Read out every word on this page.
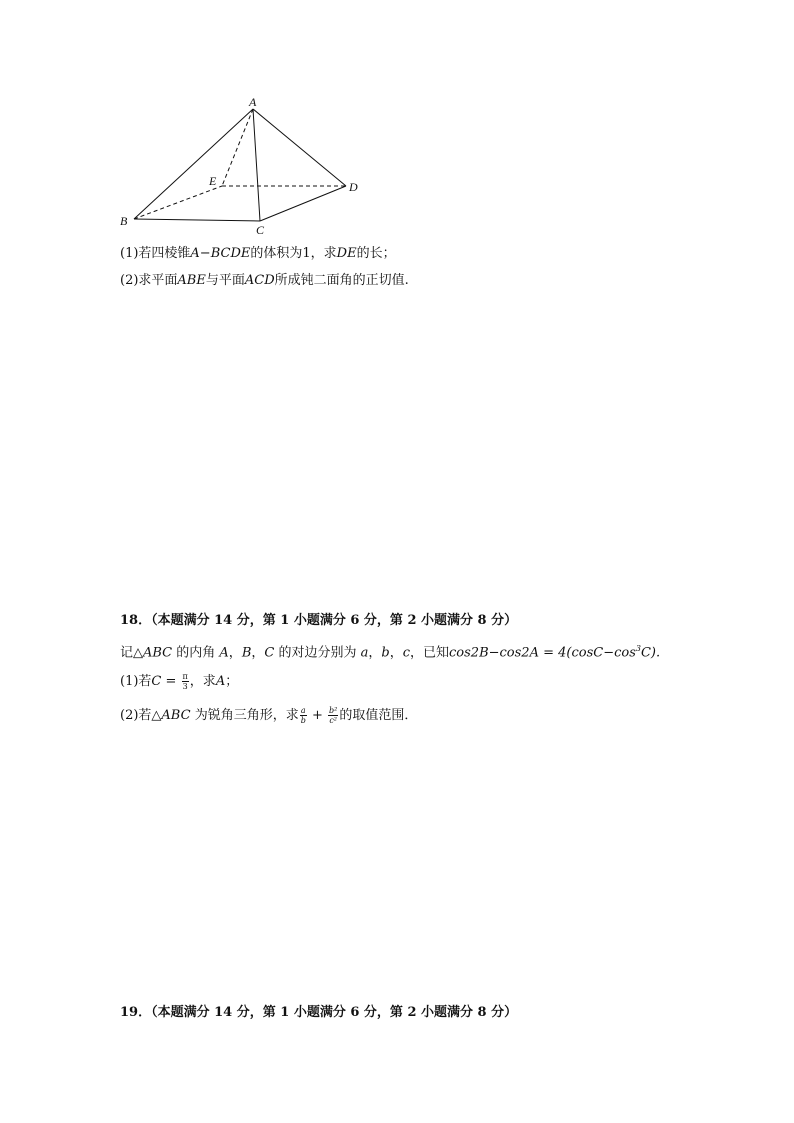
A
B
C
D
E
(1)若四棱锥A−BCDE的体积为1，求DE的长；
(2)求平面ABE与平面ACD所成钝二面角的正切值.
18．（本题满分 14 分，第 1 小题满分 6 分，第 2 小题满分 8 分）
记△ABC 的内角 A，B，C 的对边分别为 a，b，c，已知$\cos 2B-\cos 2A = 4(\cos C-\cos^3C)$.
(1)若$C = \frac{\pi}{3}$ ，求A；
(2)若△ABC 为锐角三角形，求 $\frac{a}{b} + \frac{\text{b²}}{\text{c²}}$ 的取值范围．
19．（本题满分 14 分，第 1 小题满分 6 分，第 2 小题满分 8 分）
